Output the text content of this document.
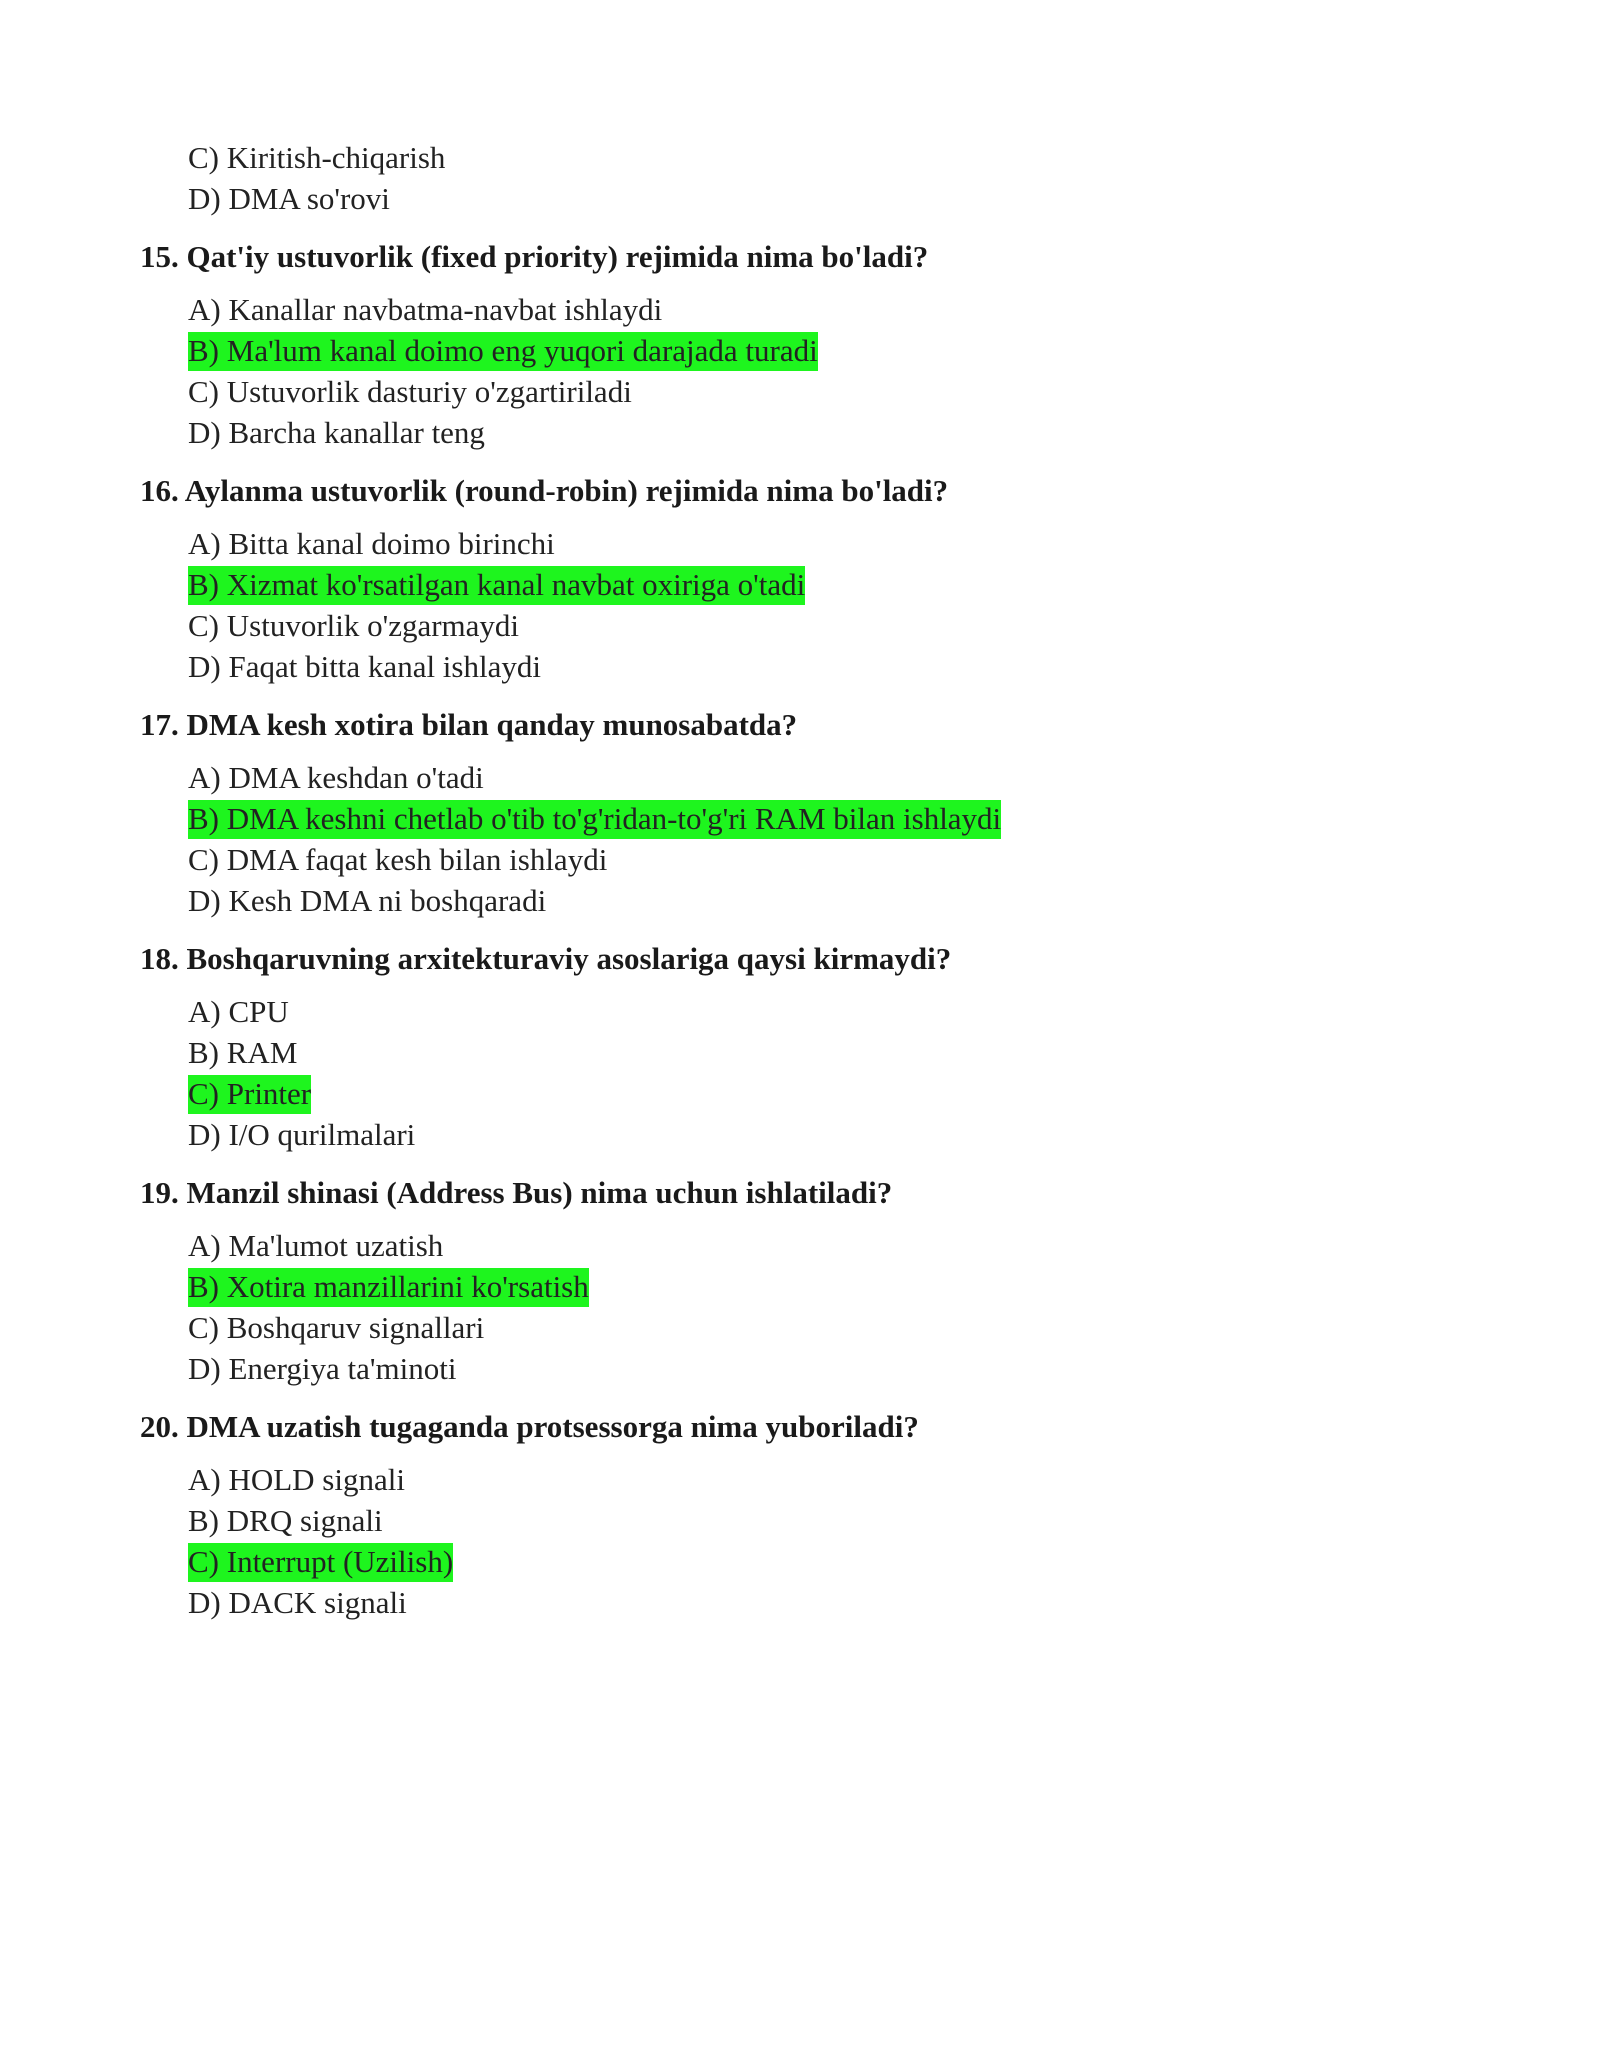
C) Kiritish-chiqarish
D) DMA so'rovi
15. Qat'iy ustuvorlik (fixed priority) rejimida nima bo'ladi?
A) Kanallar navbatma-navbat ishlaydi
B) Ma'lum kanal doimo eng yuqori darajada turadi
C) Ustuvorlik dasturiy o'zgartiriladi
D) Barcha kanallar teng
16. Aylanma ustuvorlik (round-robin) rejimida nima bo'ladi?
A) Bitta kanal doimo birinchi
B) Xizmat ko'rsatilgan kanal navbat oxiriga o'tadi
C) Ustuvorlik o'zgarmaydi
D) Faqat bitta kanal ishlaydi
17. DMA kesh xotira bilan qanday munosabatda?
A) DMA keshdan o'tadi
B) DMA keshni chetlab o'tib to'g'ridan-to'g'ri RAM bilan ishlaydi
C) DMA faqat kesh bilan ishlaydi
D) Kesh DMA ni boshqaradi
18. Boshqaruvning arxitekturaviy asoslariga qaysi kirmaydi?
A) CPU
B) RAM
C) Printer
D) I/O qurilmalari
19. Manzil shinasi (Address Bus) nima uchun ishlatiladi?
A) Ma'lumot uzatish
B) Xotira manzillarini ko'rsatish
C) Boshqaruv signallari
D) Energiya ta'minoti
20. DMA uzatish tugaganda protsessorga nima yuboriladi?
A) HOLD signali
B) DRQ signali
C) Interrupt (Uzilish)
D) DACK signali
